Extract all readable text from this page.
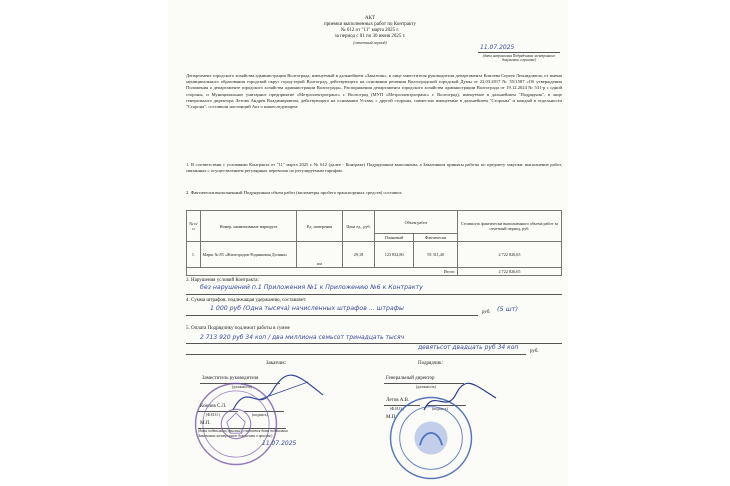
АКТ
приемки выполненных работ по Контракту
№ 612 от "11" марта 2025 г.
за период с 01 по 30 июня 2025 г.
(отчетный период)
11.07.2025
(дата направления Подрядчиком электронного документа о приемке)
Департамент городского хозяйства администрации Волгограда, именуемый в дальнейшем «Заказчик», в лице заместителя руководителя департамента Комлева Сергея Леонидовича, от имени муниципального образования городской округ город-герой Волгоград, действующего на основании решения Волгоградской городской Думы от 22.03.2017 № 55/1587 «Об утверждении Положения о департаменте городского хозяйства администрации Волгограда», Распоряжения департамента городского хозяйства администрации Волгограда от 19.12.2024 № 531-р с одной стороны, и Муниципальное унитарное предприятие «Метроэлектротранс» г. Волгоград (МУП «Метроэлектротранс» г. Волгоград), именуемое в дальнейшем "Подрядчик", в лице генерального директора Летова Андрея Владимировича, действующего на основании Устава, с другой стороны, совместно именуемые в дальнейшем "Стороны" и каждый в отдельности "Сторона", составили настоящий Акт о нижеследующем:
1. В соответствии с условиями Контракта от "11" марта 2025 г. № 612 (далее - Контракт) Подрядчиком выполнены, а Заказчиком приняты работы по предмету закупки: выполнение работ, связанных с осуществлением регулярных перевозок по регулируемым тарифам.
2. Фактически выполненный Подрядчиком объем работ (километры пробега транспортных средств) составил:
№ п/п	Номер, наименование маршрута	Ед. измерения	Цена ед., руб.	Объем работ		Стоимость фактически выполненного объема работ за отчетный период, руб.
				Плановый	Фактически	
1.	Марш № 85 «Жилгородок-Родниковая Долина»	км	29,18	123 832,80	93 311,40	2 722 826,65
Итого:						2 722 826,65
3. Нарушения условий Контракта:
без нарушений п.1 Приложения №1 к Приложению №6 к Контракту
4. Сумма штрафов, подлежащая удержанию, составляет:
1 000 руб (Одна тысяча) начисленных штрафов ... штрафы
руб. (5 шт)
5. Оплата Подрядчику подлежит работы в сумме
2 713 920 руб 34 коп / два миллиона семьсот тринадцать тысяч
девятьсот двадцать руб 34 коп
руб.
Заказчик:	Подрядчик:
Заместитель руководителя
(должность)
Комлев С.Л.
(Ф.И.О.)	(подпись)
М.П.
(дата подписания (приемки), считается дата подписания Заказчиком электронного документа о приемке)
11.07.2025
Генеральный директор
(должность)
Летов А.В.
(Ф.И.О.)	(подпись)
М.П.
